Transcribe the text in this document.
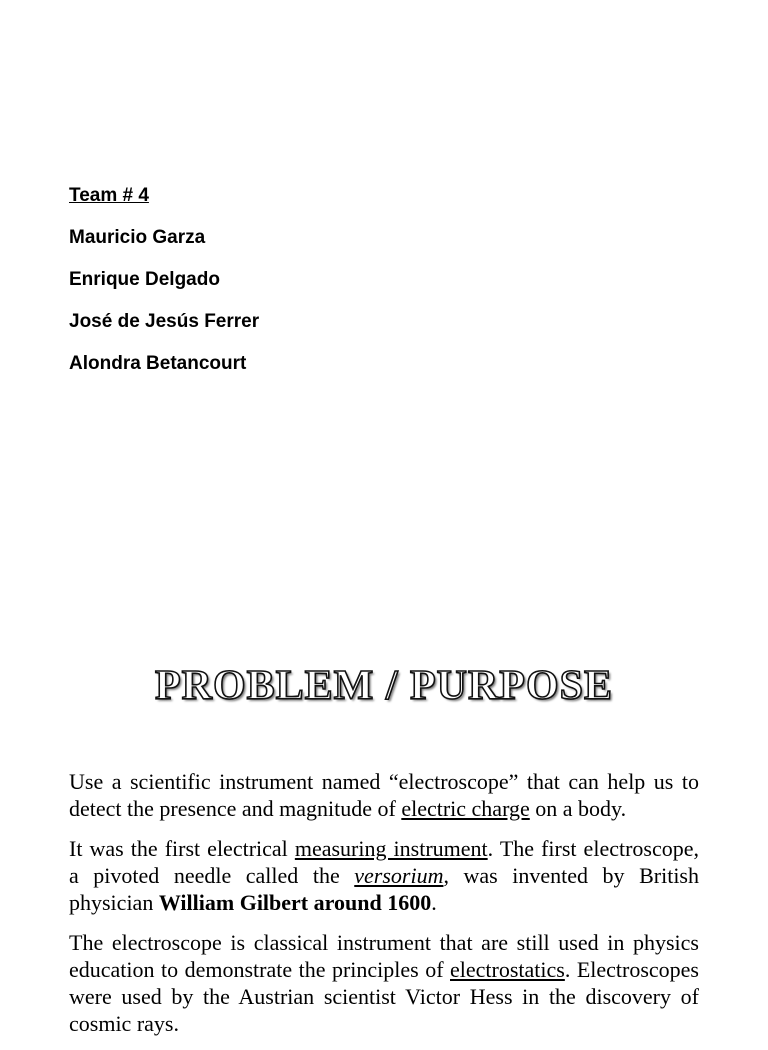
Team # 4
Mauricio Garza
Enrique Delgado
José de Jesús Ferrer
Alondra Betancourt
PROBLEM / PURPOSE

Use a scientific instrument named “electroscope” that can help us to detect the presence and magnitude of electric charge on a body.

It was the first electrical measuring instrument. The first electroscope, a pivoted needle called the versorium, was invented by British physician William Gilbert around 1600.

The electroscope is classical instrument that are still used in physics education to demonstrate the principles of electrostatics. Electroscopes were used by the Austrian scientist Victor Hess in the discovery of cosmic rays.
